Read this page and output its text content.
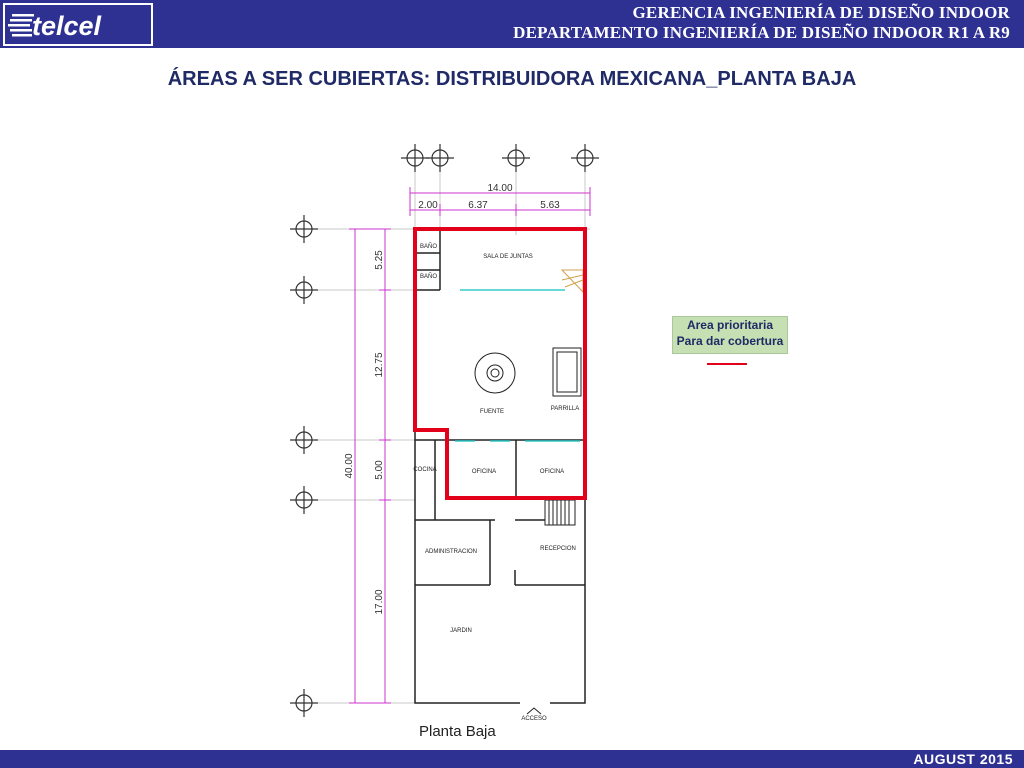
telcel	GERENCIA INGENIERÍA DE DISEÑO INDOOR
DEPARTAMENTO INGENIERÍA DE DISEÑO INDOOR R1 A R9
ÁREAS A SER CUBIERTAS: DISTRIBUIDORA MEXICANA_PLANTA BAJA
14.00
2.00	6.37	5.63
40.00
5.25
12.75
5.00
17.00
BAÑO
BAÑO
SALA DE JUNTAS
FUENTE	PARRILLA
COCINA	OFICINA	OFICINA
ADMINISTRACION	RECEPCION
JARDIN
ACCESO
Planta Baja
Area prioritaria
Para dar cobertura
AUGUST 2015
